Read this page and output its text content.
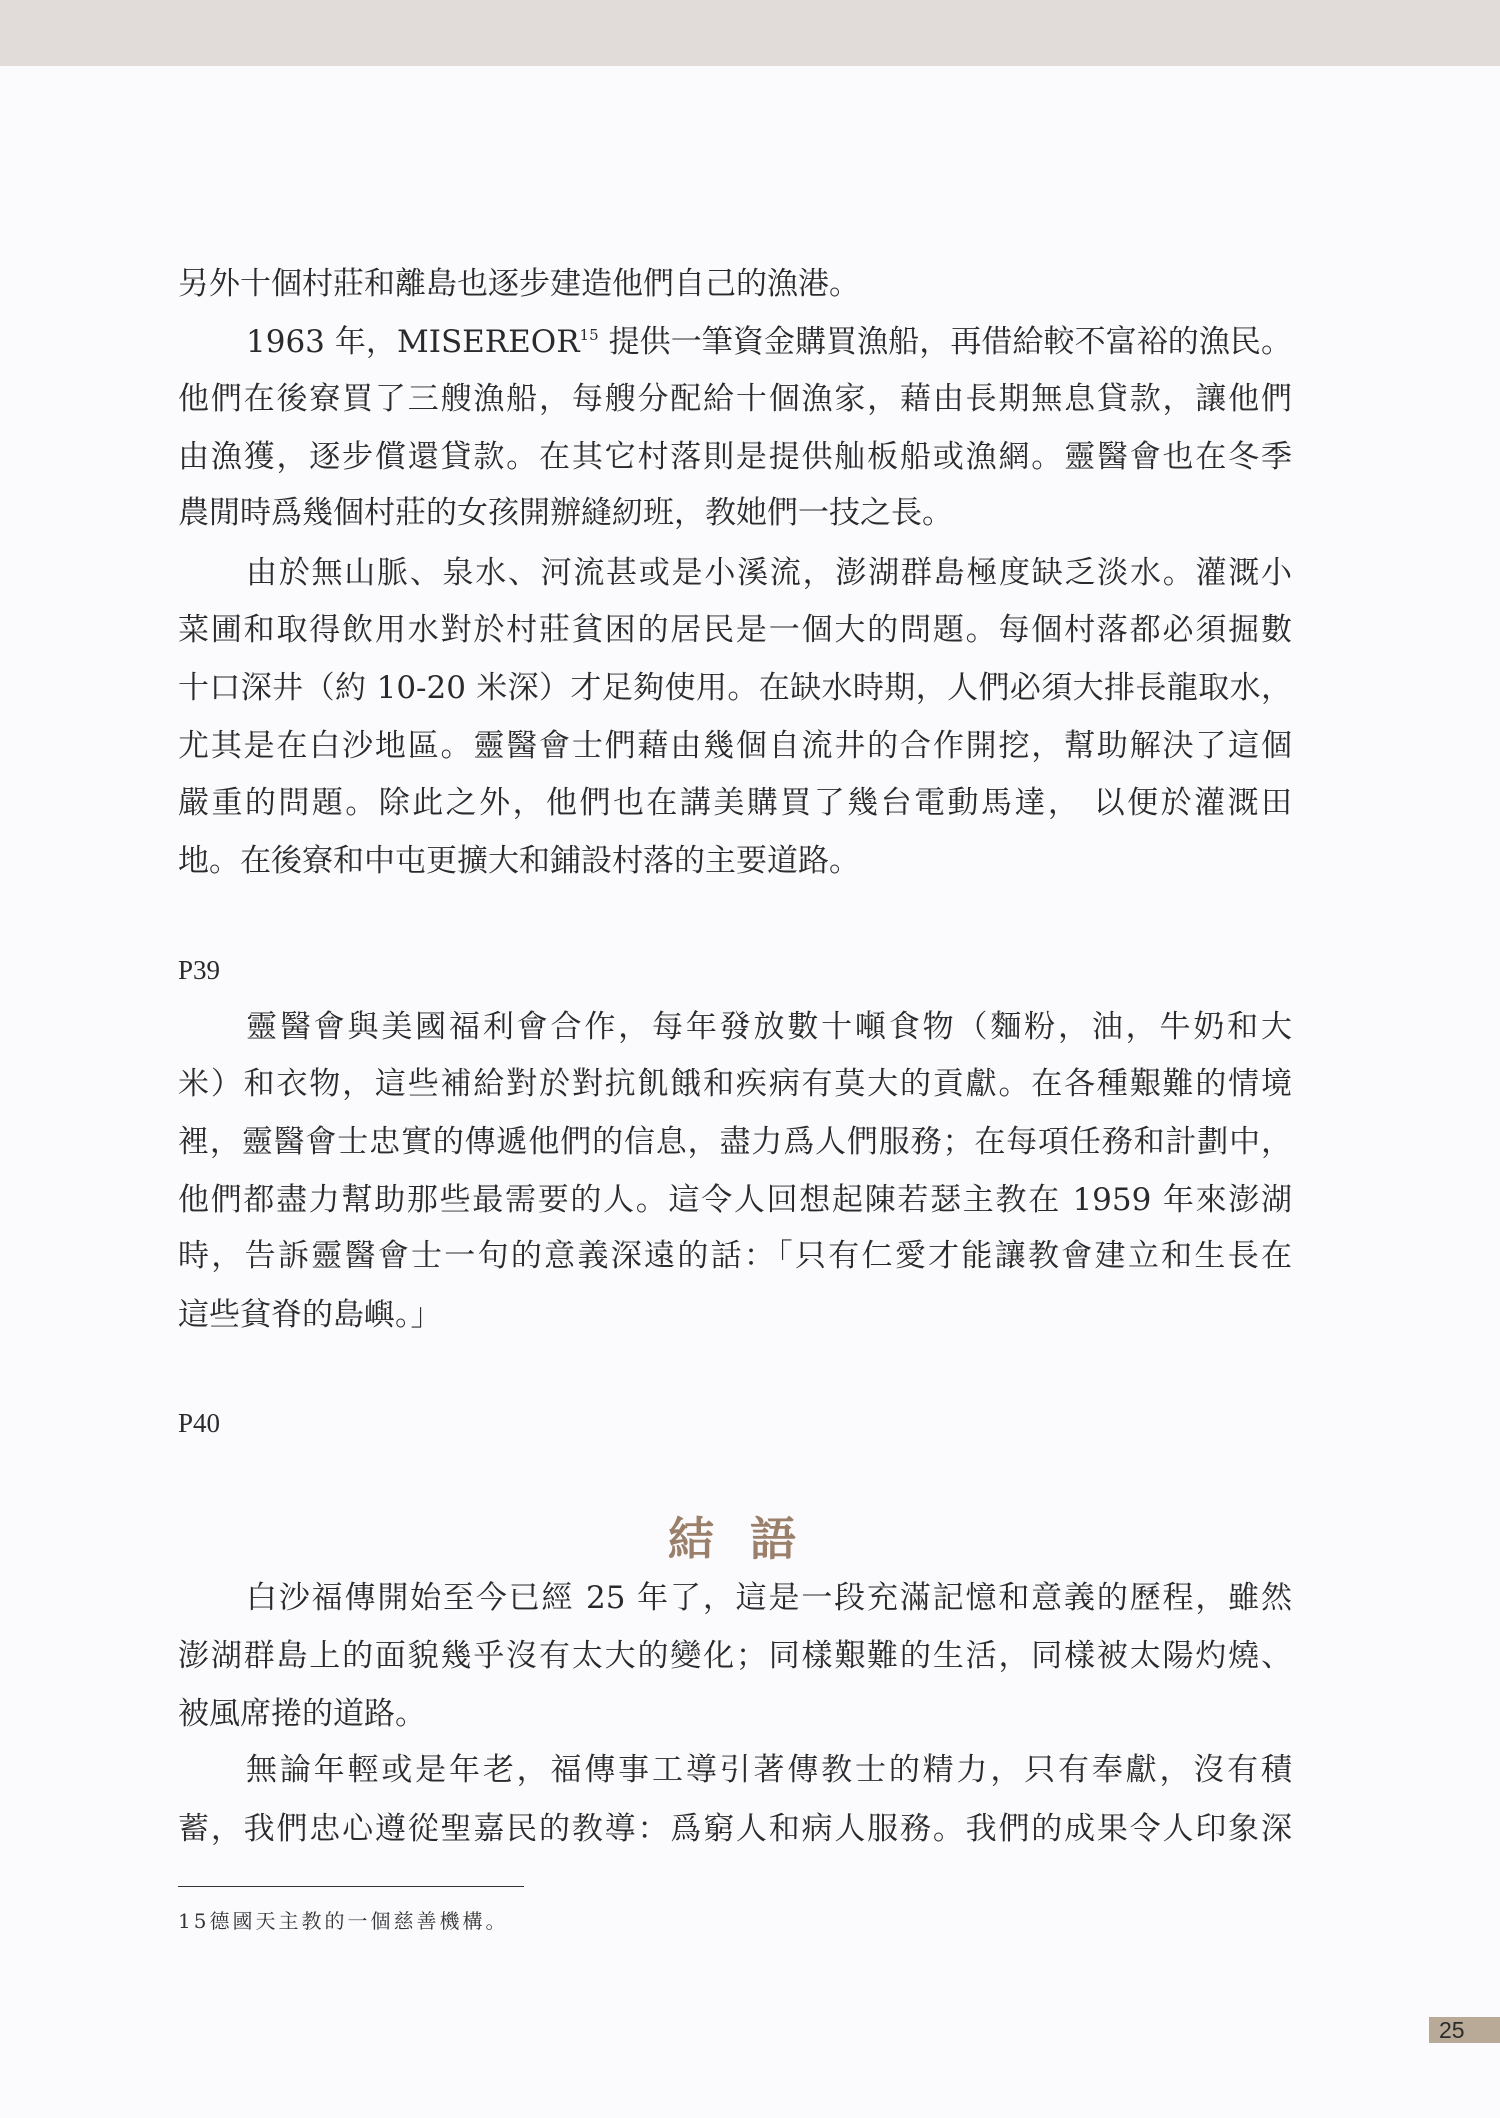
另外十個村莊和離島也逐步建造他們自己的漁港。
1963 年，MISEREOR$^{15}$ 提供一筆資金購買漁船，再借給較不富裕的漁民。
他們在後寮買了三艘漁船，每艘分配給十個漁家，藉由長期無息貸款，讓他們
由漁獲，逐步償還貸款。在其它村落則是提供舢板船或漁網。靈醫會也在冬季
農閒時爲幾個村莊的女孩開辦縫紉班，教她們一技之長。
由於無山脈、泉水、河流甚或是小溪流，澎湖群島極度缺乏淡水。灌溉小
菜圃和取得飲用水對於村莊貧困的居民是一個大的問題。每個村落都必須掘數
十口深井（約 10-20 米深）才足夠使用。在缺水時期，人們必須大排長龍取水，
尤其是在白沙地區。靈醫會士們藉由幾個自流井的合作開挖，幫助解決了這個
嚴重的問題。除此之外，他們也在講美購買了幾台電動馬達， 以便於灌溉田
地。在後寮和中屯更擴大和鋪設村落的主要道路。
P39
靈醫會與美國福利會合作，每年發放數十噸食物（麵粉，油，牛奶和大
米）和衣物，這些補給對於對抗飢餓和疾病有莫大的貢獻。在各種艱難的情境
裡，靈醫會士忠實的傳遞他們的信息，盡力爲人們服務；在每項任務和計劃中，
他們都盡力幫助那些最需要的人。這令人回想起陳若瑟主教在 1959 年來澎湖
時，告訴靈醫會士一句的意義深遠的話：「只有仁愛才能讓教會建立和生長在
這些貧脊的島嶼。」
P40
結語
白沙福傳開始至今已經 25 年了，這是一段充滿記憶和意義的歷程，雖然
澎湖群島上的面貌幾乎沒有太大的變化；同樣艱難的生活，同樣被太陽灼燒、
被風席捲的道路。
無論年輕或是年老，福傳事工導引著傳教士的精力，只有奉獻，沒有積
蓄，我們忠心遵從聖嘉民的教導：爲窮人和病人服務。我們的成果令人印象深
15德國天主教的一個慈善機構。
25
